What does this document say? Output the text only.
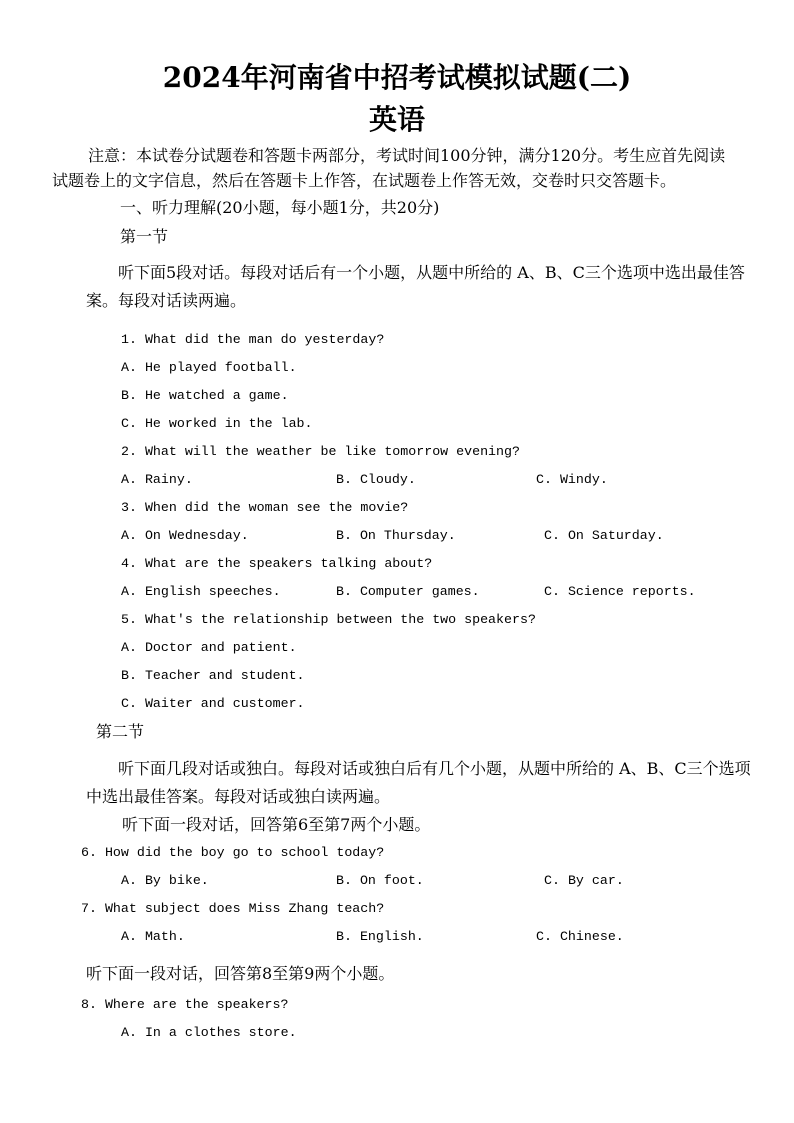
2024年河南省中招考试模拟试题(二)
英语
注意：本试卷分试题卷和答题卡两部分，考试时间100分钟，满分120分。考生应首先阅读
试题卷上的文字信息，然后在答题卡上作答，在试题卷上作答无效，交卷时只交答题卡。
一、听力理解(20小题，每小题1分，共20分)
第一节
听下面5段对话。每段对话后有一个小题，从题中所给的 A、B、C三个选项中选出最佳答
案。每段对话读两遍。
1. What did the man do yesterday?
A. He played football.
B. He watched a game.
C. He worked in the lab.
2. What will the weather be like tomorrow evening?
A. Rainy.	B. Cloudy.	C. Windy.
3. When did the woman see the movie?
A. On Wednesday.	B. On Thursday.	C. On Saturday.
4. What are the speakers talking about?
A. English speeches.	B. Computer games.	C. Science reports.
5. What's the relationship between the two speakers?
A. Doctor and patient.
B. Teacher and student.
C. Waiter and customer.
第二节
听下面几段对话或独白。每段对话或独白后有几个小题，从题中所给的 A、B、C三个选项
中选出最佳答案。每段对话或独白读两遍。
听下面一段对话，回答第6至第7两个小题。
6. How did the boy go to school today?
A. By bike.	B. On foot.	C. By car.
7. What subject does Miss Zhang teach?
A. Math.	B. English.	C. Chinese.
听下面一段对话，回答第8至第9两个小题。
8. Where are the speakers?
A. In a clothes store.
